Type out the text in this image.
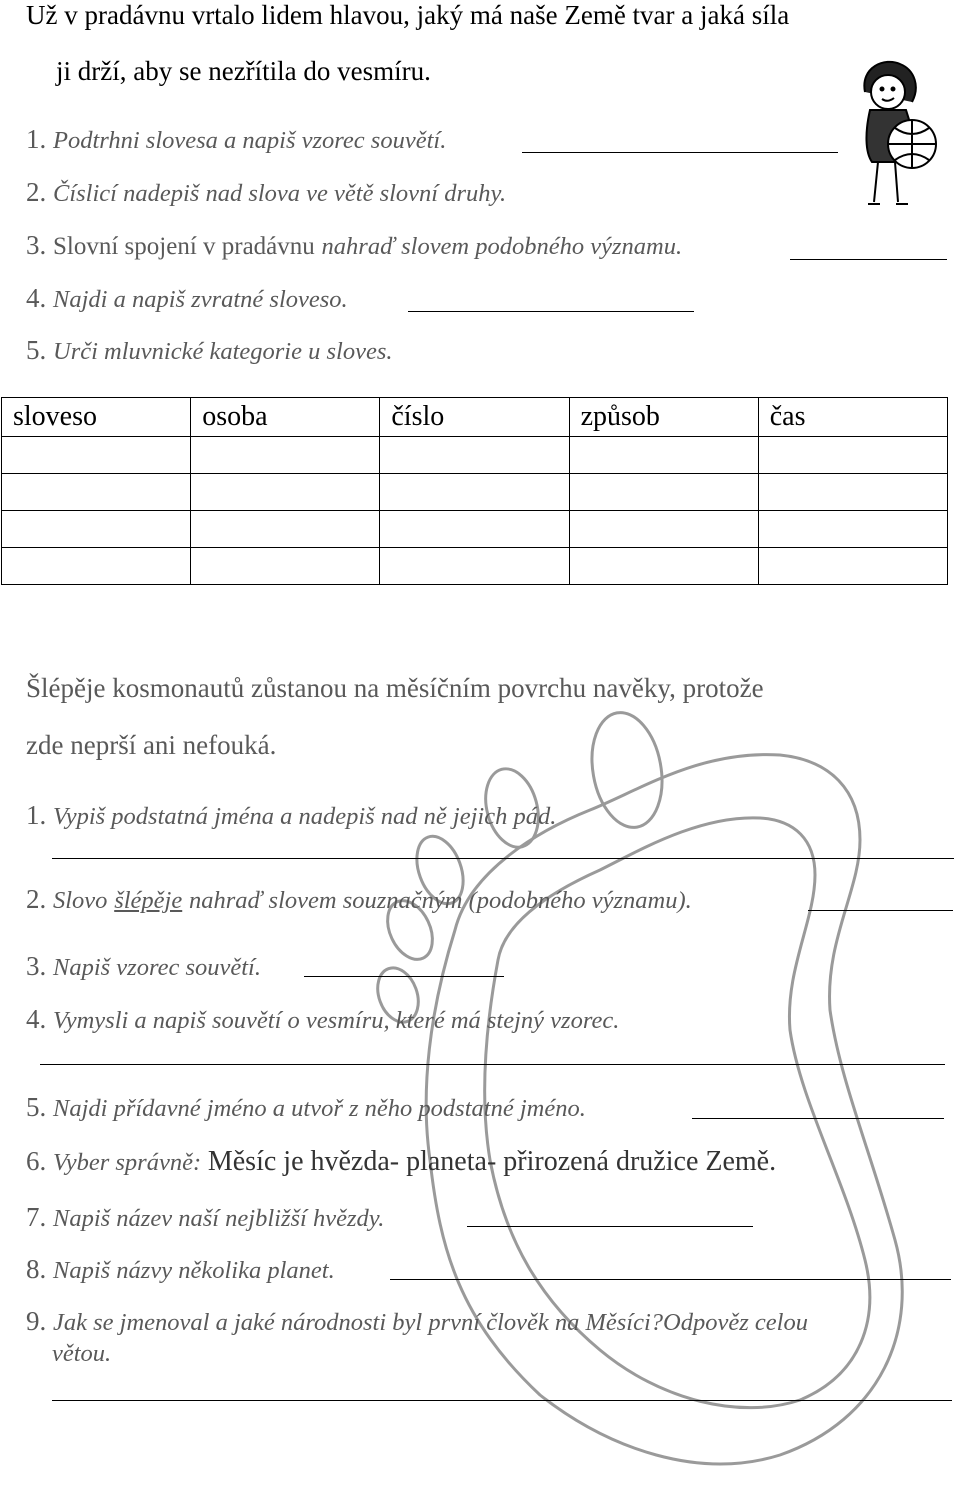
Už v pradávnu vrtalo lidem hlavou, jaký má naše Země tvar a jaká síla
ji drží, aby se nezřítila do vesmíru.
1. Podtrhni slovesa a napiš vzorec souvětí.
2. Číslicí nadepiš nad slova ve větě slovní druhy.
3. Slovní spojení v pradávnu nahraď slovem podobného významu.
4. Najdi a napiš zvratné sloveso.
5. Urči mluvnické kategorie u sloves.
sloveso	osoba	číslo	způsob	čas

Šlépěje kosmonautů zůstanou na měsíčním povrchu navěky, protože
zde neprší ani nefouká.
1. Vypiš podstatná jména a nadepiš nad ně jejich pád.
2. Slovo šlépěje nahraď slovem souznačným (podobného významu).
3. Napiš vzorec souvětí.
4. Vymysli a napiš souvětí o vesmíru, které má stejný vzorec.
5. Najdi přídavné jméno a utvoř z něho podstatné jméno.
6. Vyber správně: Měsíc je hvězda- planeta- přirozená družice Země.
7. Napiš název naší nejbližší hvězdy.
8. Napiš názvy několika planet.
9. Jak se jmenoval a jaké národnosti byl první člověk na Měsíci?Odpověz celou
větou.
